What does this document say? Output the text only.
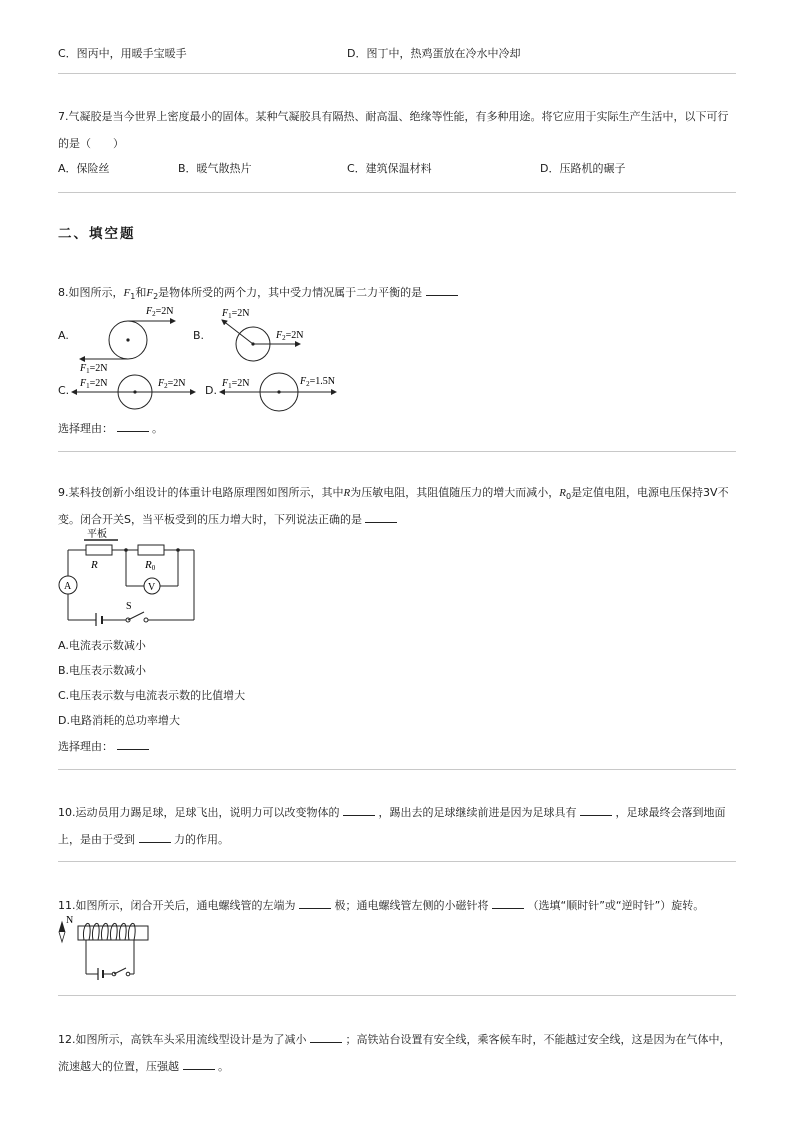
C．图丙中，用暖手宝暖手	D．图丁中，热鸡蛋放在冷水中冷却
7.气凝胶是当今世界上密度最小的固体。某种气凝胶具有隔热、耐高温、绝缘等性能，有多种用途。将它应用于实际生产生活中，以下可行
的是（　　）
A．保险丝	B．暖气散热片	C．建筑保温材料	D．压路机的碾子
二、填空题
8.如图所示，$F_1$和$F_2$是物体所受的两个力，其中受力情况属于二力平衡的是
A.	B.
C.	D.
$F_2=2N$
$F_1=2N$
$F_1=2N$
$F_2=2N$
$F_1=2N$	$F_2=2N$	$F_1=2N$	$F_2=1.5N$
选择理由：	。
9.某科技创新小组设计的体重计电路原理图如图所示，其中R为压敏电阻，其阻值随压力的增大而减小，$R_0$是定值电阻，电源电压保持3V不
变。闭合开关S，当平板受到的压力增大时，下列说法正确的是
S
平板
R	R0
V
A
A.电流表示数减小
B.电压表示数减小
C.电压表示数与电流表示数的比值增大
D.电路消耗的总功率增大
选择理由：
10.运动员用力踢足球，足球飞出，说明力可以改变物体的	，踢出去的足球继续前进是因为足球具有	，足球最终会落到地面
上，是由于受到	力的作用。
11.如图所示，闭合开关后，通电螺线管的左端为	极；通电螺线管左侧的小磁针将	（选填“顺时针”或“逆时针”）旋转。
N
12.如图所示，高铁车头采用流线型设计是为了减小	；高铁站台设置有安全线，乘客候车时，不能越过安全线，这是因为在气体中，
流速越大的位置，压强越	。
